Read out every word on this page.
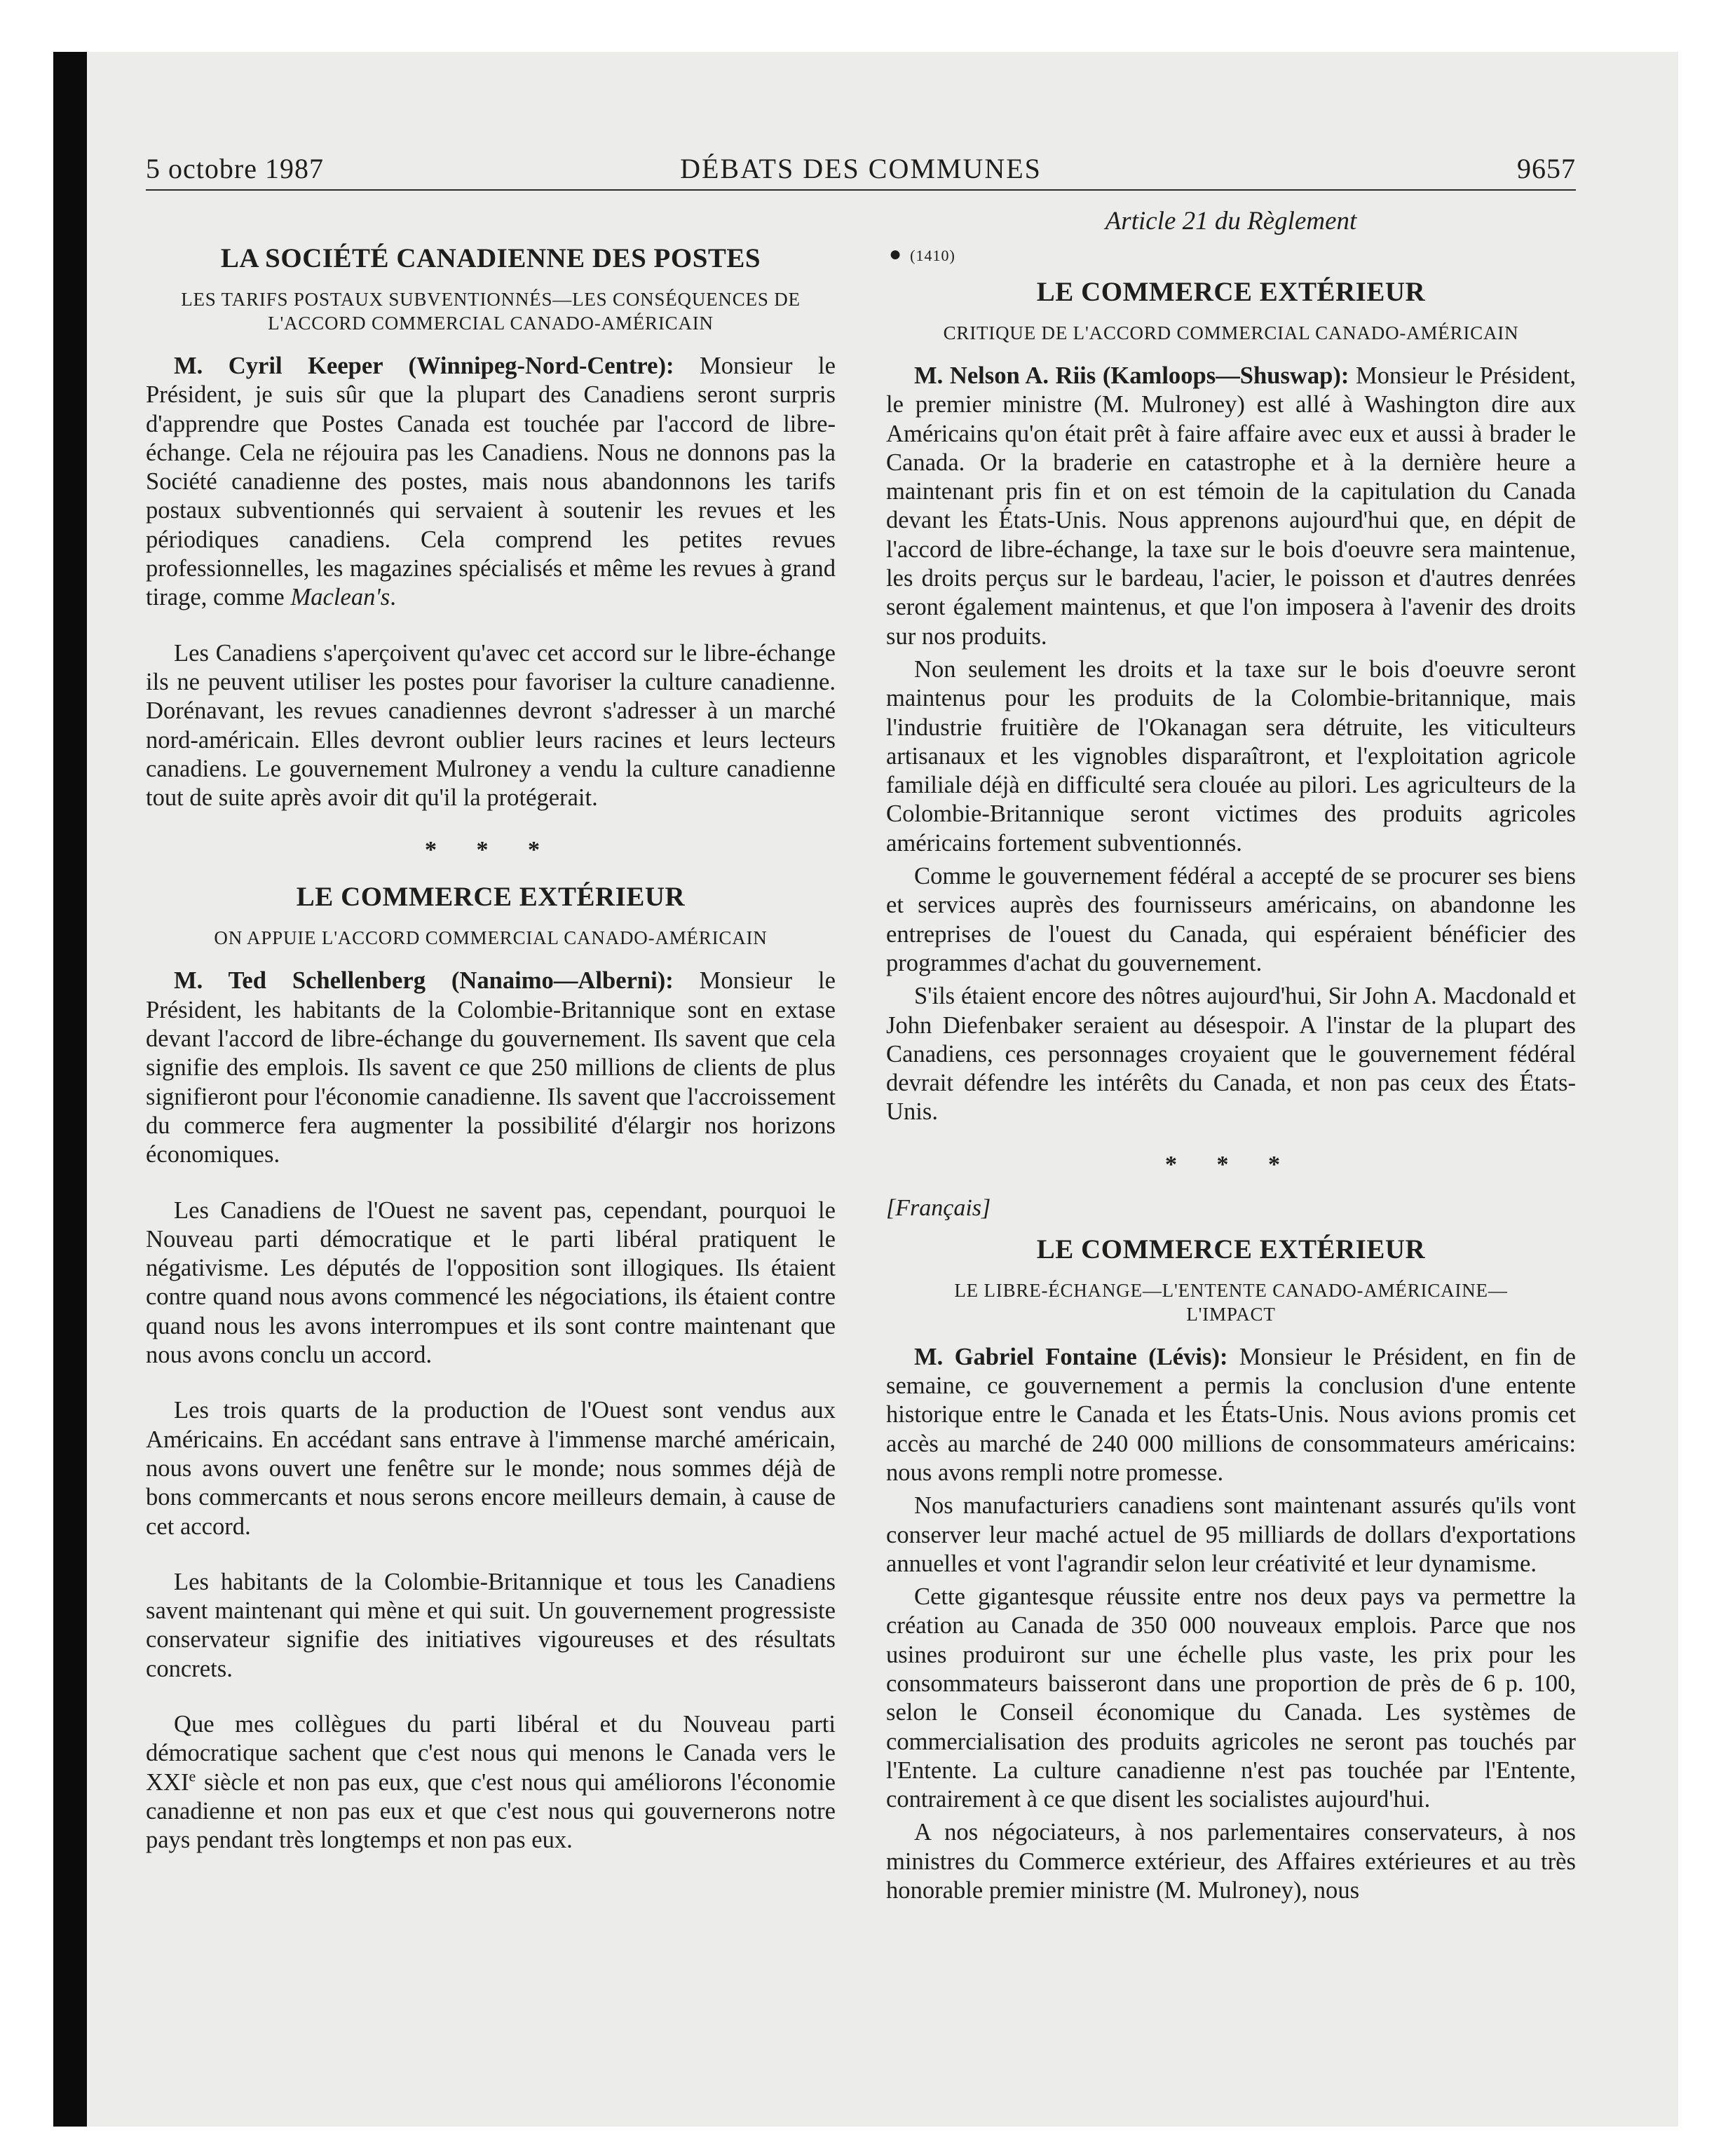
5 octobre 1987	DÉBATS DES COMMUNES	9657
LA SOCIÉTÉ CANADIENNE DES POSTES
LES TARIFS POSTAUX SUBVENTIONNÉS—LES CONSÉQUENCES DE L'ACCORD COMMERCIAL CANADO-AMÉRICAIN

M. Cyril Keeper (Winnipeg-Nord-Centre): Monsieur le Président, je suis sûr que la plupart des Canadiens seront surpris d'apprendre que Postes Canada est touchée par l'accord de libre-échange. Cela ne réjouira pas les Canadiens. Nous ne donnons pas la Société canadienne des postes, mais nous abandonnons les tarifs postaux subventionnés qui servaient à soutenir les revues et les périodiques canadiens. Cela comprend les petites revues professionnelles, les magazines spécialisés et même les revues à grand tirage, comme Maclean's.

Les Canadiens s'aperçoivent qu'avec cet accord sur le libre-échange ils ne peuvent utiliser les postes pour favoriser la culture canadienne. Dorénavant, les revues canadiennes devront s'adresser à un marché nord-américain. Elles devront oublier leurs racines et leurs lecteurs canadiens. Le gouvernement Mulroney a vendu la culture canadienne tout de suite après avoir dit qu'il la protégerait.

* * *
LE COMMERCE EXTÉRIEUR
ON APPUIE L'ACCORD COMMERCIAL CANADO-AMÉRICAIN

M. Ted Schellenberg (Nanaimo—Alberni): Monsieur le Président, les habitants de la Colombie-Britannique sont en extase devant l'accord de libre-échange du gouvernement. Ils savent que cela signifie des emplois. Ils savent ce que 250 millions de clients de plus signifieront pour l'économie canadienne. Ils savent que l'accroissement du commerce fera augmenter la possibilité d'élargir nos horizons économiques.

Les Canadiens de l'Ouest ne savent pas, cependant, pourquoi le Nouveau parti démocratique et le parti libéral pratiquent le négativisme. Les députés de l'opposition sont illogiques. Ils étaient contre quand nous avons commencé les négociations, ils étaient contre quand nous les avons interrompues et ils sont contre maintenant que nous avons conclu un accord.

Les trois quarts de la production de l'Ouest sont vendus aux Américains. En accédant sans entrave à l'immense marché américain, nous avons ouvert une fenêtre sur le monde; nous sommes déjà de bons commercants et nous serons encore meilleurs demain, à cause de cet accord.

Les habitants de la Colombie-Britannique et tous les Canadiens savent maintenant qui mène et qui suit. Un gouvernement progressiste conservateur signifie des initiatives vigoureuses et des résultats concrets.

Que mes collègues du parti libéral et du Nouveau parti démocratique sachent que c'est nous qui menons le Canada vers le XXIe siècle et non pas eux, que c'est nous qui améliorons l'économie canadienne et non pas eux et que c'est nous qui gouvernerons notre pays pendant très longtemps et non pas eux.

Article 21 du Règlement
● (1410)
LE COMMERCE EXTÉRIEUR
CRITIQUE DE L'ACCORD COMMERCIAL CANADO-AMÉRICAIN

M. Nelson A. Riis (Kamloops—Shuswap): Monsieur le Président, le premier ministre (M. Mulroney) est allé à Washington dire aux Américains qu'on était prêt à faire affaire avec eux et aussi à brader le Canada. Or la braderie en catastrophe et à la dernière heure a maintenant pris fin et on est témoin de la capitulation du Canada devant les États-Unis. Nous apprenons aujourd'hui que, en dépit de l'accord de libre-échange, la taxe sur le bois d'oeuvre sera maintenue, les droits perçus sur le bardeau, l'acier, le poisson et d'autres denrées seront également maintenus, et que l'on imposera à l'avenir des droits sur nos produits.

Non seulement les droits et la taxe sur le bois d'oeuvre seront maintenus pour les produits de la Colombie-britannique, mais l'industrie fruitière de l'Okanagan sera détruite, les viticulteurs artisanaux et les vignobles disparaîtront, et l'exploitation agricole familiale déjà en difficulté sera clouée au pilori. Les agriculteurs de la Colombie-Britannique seront victimes des produits agricoles américains fortement subventionnés.

Comme le gouvernement fédéral a accepté de se procurer ses biens et services auprès des fournisseurs américains, on abandonne les entreprises de l'ouest du Canada, qui espéraient bénéficier des programmes d'achat du gouvernement.

S'ils étaient encore des nôtres aujourd'hui, Sir John A. Macdonald et John Diefenbaker seraient au désespoir. A l'instar de la plupart des Canadiens, ces personnages croyaient que le gouvernement fédéral devrait défendre les intérêts du Canada, et non pas ceux des États-Unis.

* * *
[Français]
LE COMMERCE EXTÉRIEUR
LE LIBRE-ÉCHANGE—L'ENTENTE CANADO-AMÉRICAINE—L'IMPACT

M. Gabriel Fontaine (Lévis): Monsieur le Président, en fin de semaine, ce gouvernement a permis la conclusion d'une entente historique entre le Canada et les États-Unis. Nous avions promis cet accès au marché de 240 000 millions de consommateurs américains: nous avons rempli notre promesse.

Nos manufacturiers canadiens sont maintenant assurés qu'ils vont conserver leur maché actuel de 95 milliards de dollars d'exportations annuelles et vont l'agrandir selon leur créativité et leur dynamisme.

Cette gigantesque réussite entre nos deux pays va permettre la création au Canada de 350 000 nouveaux emplois. Parce que nos usines produiront sur une échelle plus vaste, les prix pour les consommateurs baisseront dans une proportion de près de 6 p. 100, selon le Conseil économique du Canada. Les systèmes de commercialisation des produits agricoles ne seront pas touchés par l'Entente. La culture canadienne n'est pas touchée par l'Entente, contrairement à ce que disent les socialistes aujourd'hui.

A nos négociateurs, à nos parlementaires conservateurs, à nos ministres du Commerce extérieur, des Affaires extérieures et au très honorable premier ministre (M. Mulroney), nous
